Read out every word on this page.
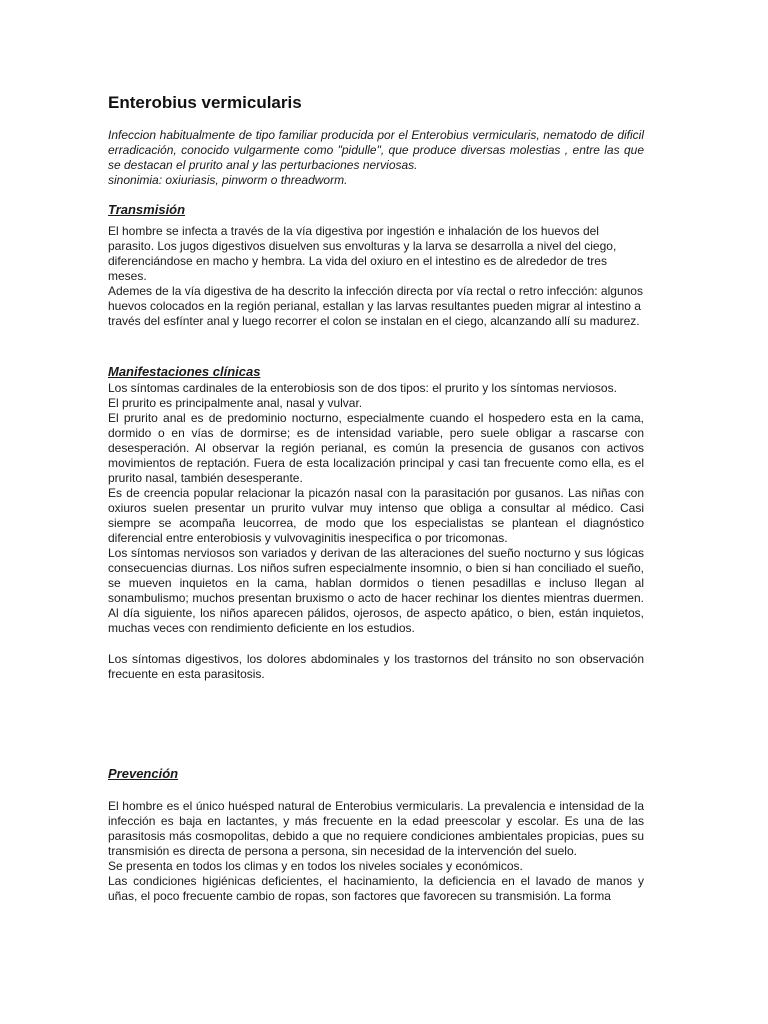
Enterobius vermicularis

Infeccion habitualmente de tipo familiar producida por el Enterobius vermicularis, nematodo de dificil erradicación, conocido vulgarmente como "pidulle", que produce diversas molestias , entre las que se destacan el prurito anal y las perturbaciones nerviosas.

sinonimia: oxiuriasis, pinworm o threadworm.

Transmisión

El hombre se infecta a través de la vía digestiva por ingestión e inhalación de los huevos del parasito. Los jugos digestivos disuelven sus envolturas y la larva se desarrolla a nivel del ciego, diferenciándose en macho y hembra. La vida del oxiuro en el intestino es de alrededor de tres meses.

Ademes de la vía digestiva de ha descrito la infección directa por vía rectal o retro infección: algunos huevos colocados en la región perianal, estallan y las larvas resultantes pueden migrar al intestino a través del esfínter anal y luego recorrer el colon se instalan en el ciego, alcanzando allí su madurez.

Manifestaciones clínicas

Los síntomas cardinales de la enterobiosis son de dos tipos: el prurito y los síntomas nerviosos.

El prurito es principalmente anal, nasal y vulvar.

El prurito anal es de predominio nocturno, especialmente cuando el hospedero esta en la cama, dormido o en vías de dormirse; es de intensidad variable, pero suele obligar a rascarse con desesperación. Al observar la región perianal, es común la presencia de gusanos con activos movimientos de reptación. Fuera de esta localización principal y casi tan frecuente como ella, es el prurito nasal, también desesperante.

Es de creencia popular relacionar la picazón nasal con la parasitación por gusanos. Las niñas con oxiuros suelen presentar un prurito vulvar muy intenso que obliga a consultar al médico. Casi siempre se acompaña leucorrea, de modo que los especialistas se plantean el diagnóstico diferencial entre enterobiosis y vulvovaginitis inespecifica o por tricomonas.

Los síntomas nerviosos son variados y derivan de las alteraciones del sueño nocturno y sus lógicas consecuencias diurnas. Los niños sufren especialmente insomnio, o bien si han conciliado el sueño, se mueven inquietos en la cama, hablan dormidos o tienen pesadillas e incluso llegan al sonambulismo; muchos presentan bruxismo o acto de hacer rechinar los dientes mientras duermen. Al día siguiente, los niños aparecen pálidos, ojerosos, de aspecto apático, o bien, están inquietos, muchas veces con rendimiento deficiente en los estudios.

Los síntomas digestivos, los dolores abdominales y los trastornos del tránsito no son observación frecuente en esta parasitosis.

Prevención

El hombre es el único huésped natural de Enterobius vermicularis. La prevalencia e intensidad de la infección es baja en lactantes, y más frecuente en la edad preescolar y escolar. Es una de las parasitosis más cosmopolitas, debido a que no requiere condiciones ambientales propicias, pues su transmisión es directa de persona a persona, sin necesidad de la intervención del suelo.

Se presenta en todos los climas y en todos los niveles sociales y económicos.

Las condiciones higiénicas deficientes, el hacinamiento, la deficiencia en el lavado de manos y uñas, el poco frecuente cambio de ropas, son factores que favorecen su transmisión. La forma
